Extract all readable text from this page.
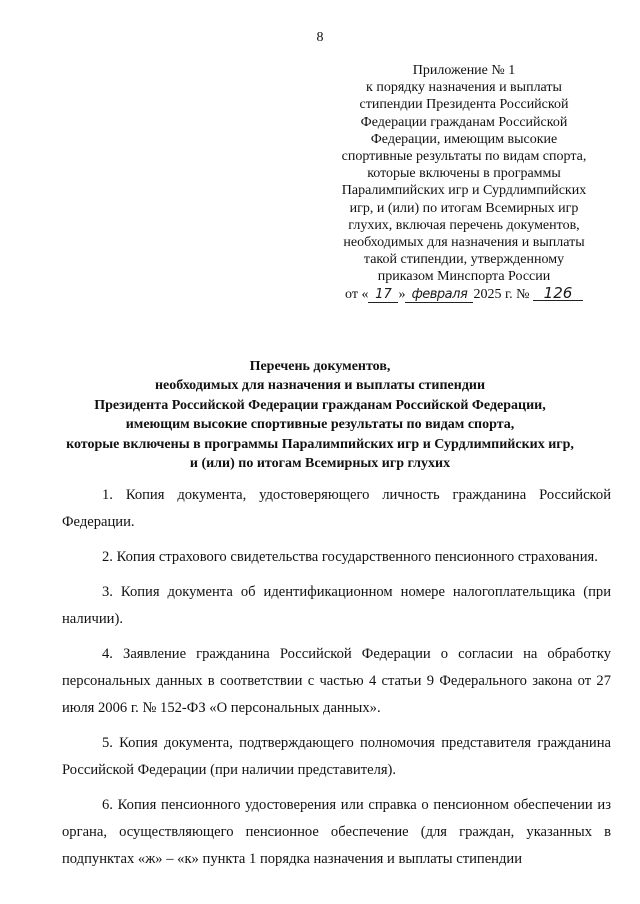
8
Приложение № 1
к порядку назначения и выплаты
стипендии Президента Российской
Федерации гражданам Российской
Федерации, имеющим высокие
спортивные результаты по видам спорта,
которые включены в программы
Паралимпийских игр и Сурдлимпийских
игр, и (или) по итогам Всемирных игр
глухих, включая перечень документов,
необходимых для назначения и выплаты
такой стипендии, утвержденному
приказом Минспорта России
от « 17 » февраля 2025 г. № 126
Перечень документов,
необходимых для назначения и выплаты стипендии
Президента Российской Федерации гражданам Российской Федерации,
имеющим высокие спортивные результаты по видам спорта,
которые включены в программы Паралимпийских игр и Сурдлимпийских игр,
и (или) по итогам Всемирных игр глухих

1. Копия документа, удостоверяющего личность гражданина Российской Федерации.

2. Копия страхового свидетельства государственного пенсионного страхования.

3. Копия документа об идентификационном номере налогоплательщика (при наличии).

4. Заявление гражданина Российской Федерации о согласии на обработку персональных данных в соответствии с частью 4 статьи 9 Федерального закона от 27 июля 2006 г. № 152-ФЗ «О персональных данных».

5. Копия документа, подтверждающего полномочия представителя гражданина Российской Федерации (при наличии представителя).

6. Копия пенсионного удостоверения или справка о пенсионном обеспечении из органа, осуществляющего пенсионное обеспечение (для граждан, указанных в подпунктах «ж» – «к» пункта 1 порядка назначения и выплаты стипендии
